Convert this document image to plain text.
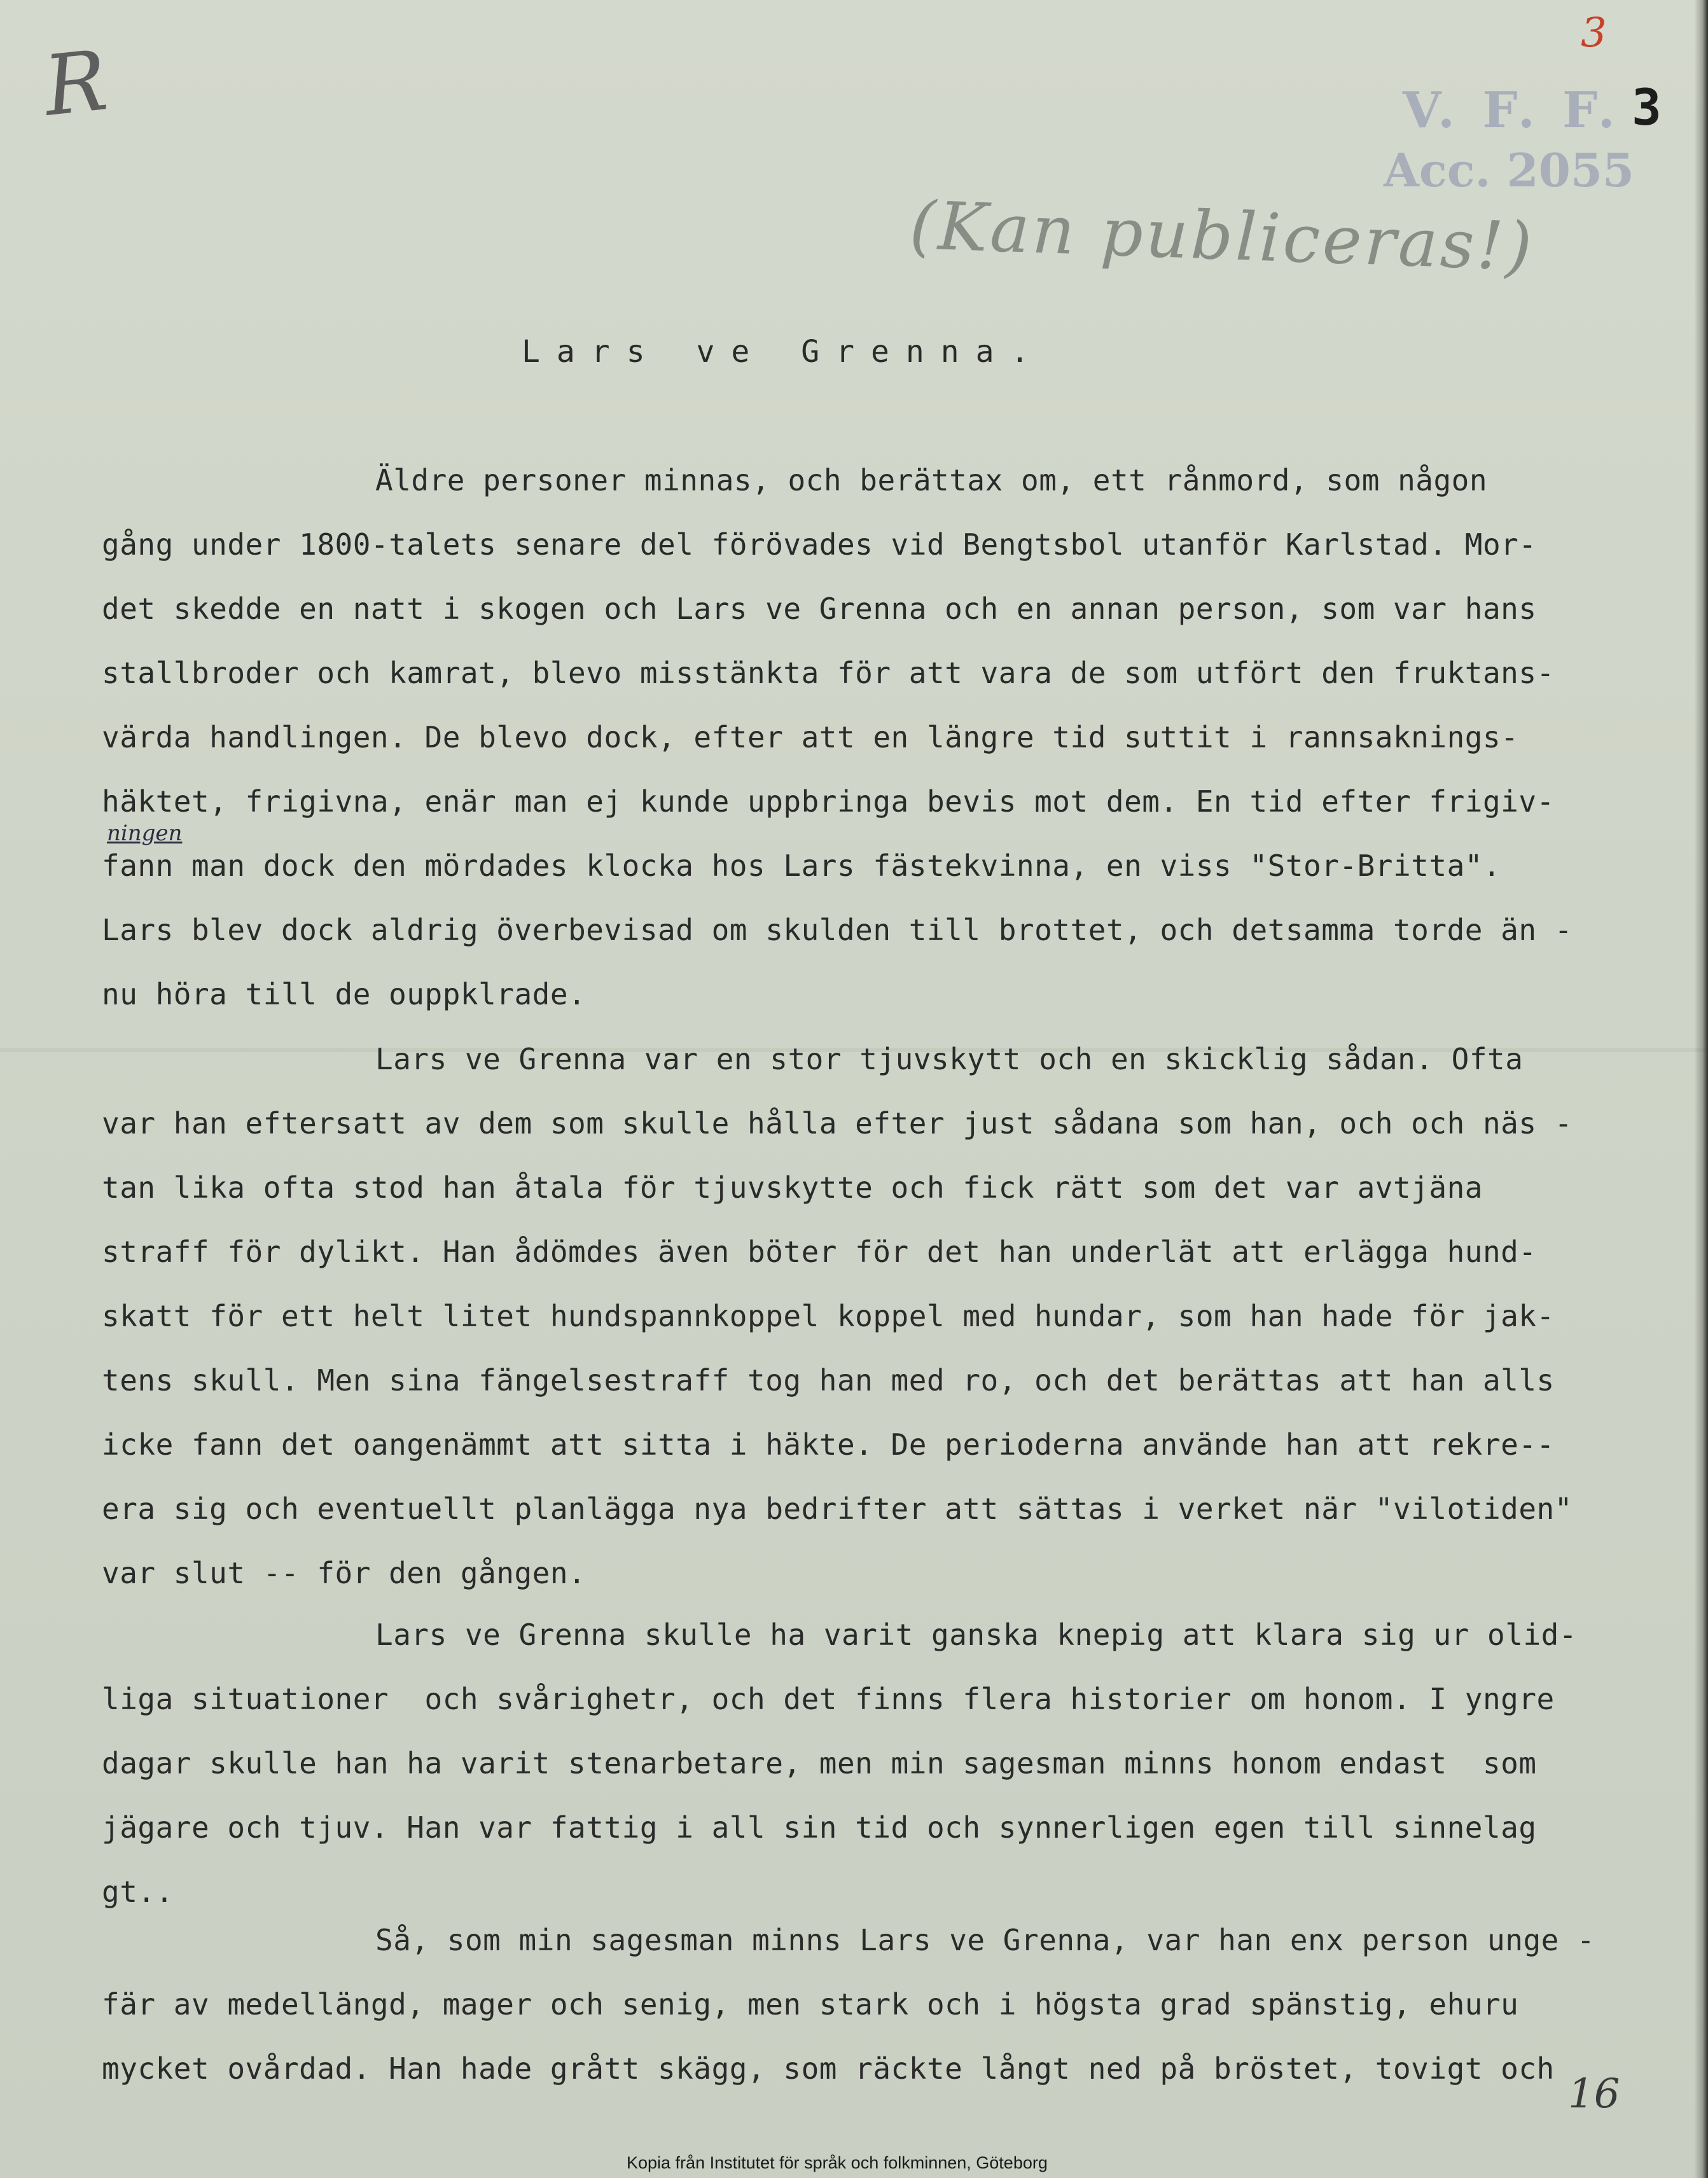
R	3
3
V. F. F.
Acc. 2055
(Kan publiceras!)
Lars ve Grenna.
ningen
Äldre personer minnas, och berättax om, ett rånmord, som någon
gång under 1800-talets senare del förövades vid Bengtsbol utanför Karlstad. Mor-
det skedde en natt i skogen och Lars ve Grenna och en annan person, som var hans
stallbroder och kamrat, blevo misstänkta för att vara de som utfört den fruktans-
värda handlingen. De blevo dock, efter att en längre tid suttit i rannsaknings-
häktet, frigivna, enär man ej kunde uppbringa bevis mot dem. En tid efter frigiv-
fann man dock den mördades klocka hos Lars fästekvinna, en viss "Stor-Britta".
Lars blev dock aldrig överbevisad om skulden till brottet, och detsamma torde än -
nu höra till de ouppklrade.
Lars ve Grenna var en stor tjuvskytt och en skicklig sådan. Ofta
var han eftersatt av dem som skulle hålla efter just sådana som han, och och näs -
tan lika ofta stod han åtala för tjuvskytte och fick rätt som det var avtjäna
straff för dylikt. Han ådömdes även böter för det han underlät att erlägga hund-
skatt för ett helt litet hundspannkoppel koppel med hundar, som han hade för jak-
tens skull. Men sina fängelsestraff tog han med ro, och det berättas att han alls
icke fann det oangenämmt att sitta i häkte. De perioderna använde han att rekre--
era sig och eventuellt planlägga nya bedrifter att sättas i verket när "vilotiden"
var slut -- för den gången.
Lars ve Grenna skulle ha varit ganska knepig att klara sig ur olid-
liga situationer  och svårighetr, och det finns flera historier om honom. I yngre
dagar skulle han ha varit stenarbetare, men min sagesman minns honom endast  som
jägare och tjuv. Han var fattig i all sin tid och synnerligen egen till sinnelag
gt..
Så, som min sagesman minns Lars ve Grenna, var han enx person unge -
fär av medellängd, mager och senig, men stark och i högsta grad spänstig, ehuru
mycket ovårdad. Han hade grått skägg, som räckte långt ned på bröstet, tovigt och
16
Kopia från Institutet för språk och folkminnen, Göteborg
